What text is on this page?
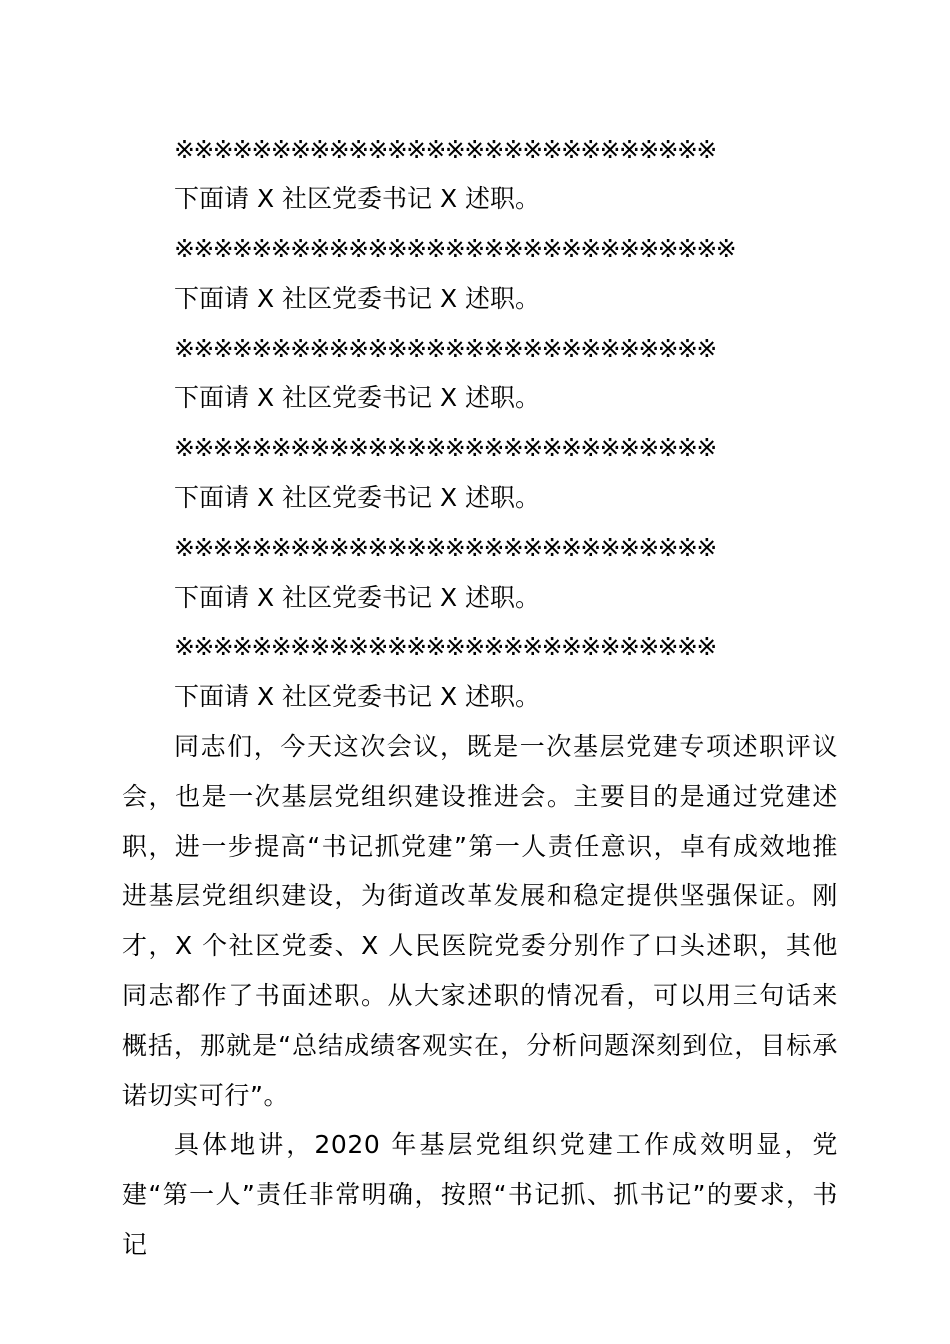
※※※※※※※※※※※※※※※※※※※※※※※※※※※※
下面请 X 社区党委书记 X 述职。
※※※※※※※※※※※※※※※※※※※※※※※※※※※※※
下面请 X 社区党委书记 X 述职。
※※※※※※※※※※※※※※※※※※※※※※※※※※※※
下面请 X 社区党委书记 X 述职。
※※※※※※※※※※※※※※※※※※※※※※※※※※※※
下面请 X 社区党委书记 X 述职。
※※※※※※※※※※※※※※※※※※※※※※※※※※※※
下面请 X 社区党委书记 X 述职。
※※※※※※※※※※※※※※※※※※※※※※※※※※※※
下面请 X 社区党委书记 X 述职。

同志们，今天这次会议，既是一次基层党建专项述职评议会，也是一次基层党组织建设推进会。主要目的是通过党建述职，进一步提高“书记抓党建”第一人责任意识，卓有成效地推进基层党组织建设，为街道改革发展和稳定提供坚强保证。刚才，X 个社区党委、X 人民医院党委分别作了口头述职，其他同志都作了书面述职。从大家述职的情况看，可以用三句话来概括，那就是“总结成绩客观实在，分析问题深刻到位，目标承诺切实可行”。

具体地讲，2020 年基层党组织党建工作成效明显，党建“第一人”责任非常明确，按照“书记抓、抓书记”的要求，书记
